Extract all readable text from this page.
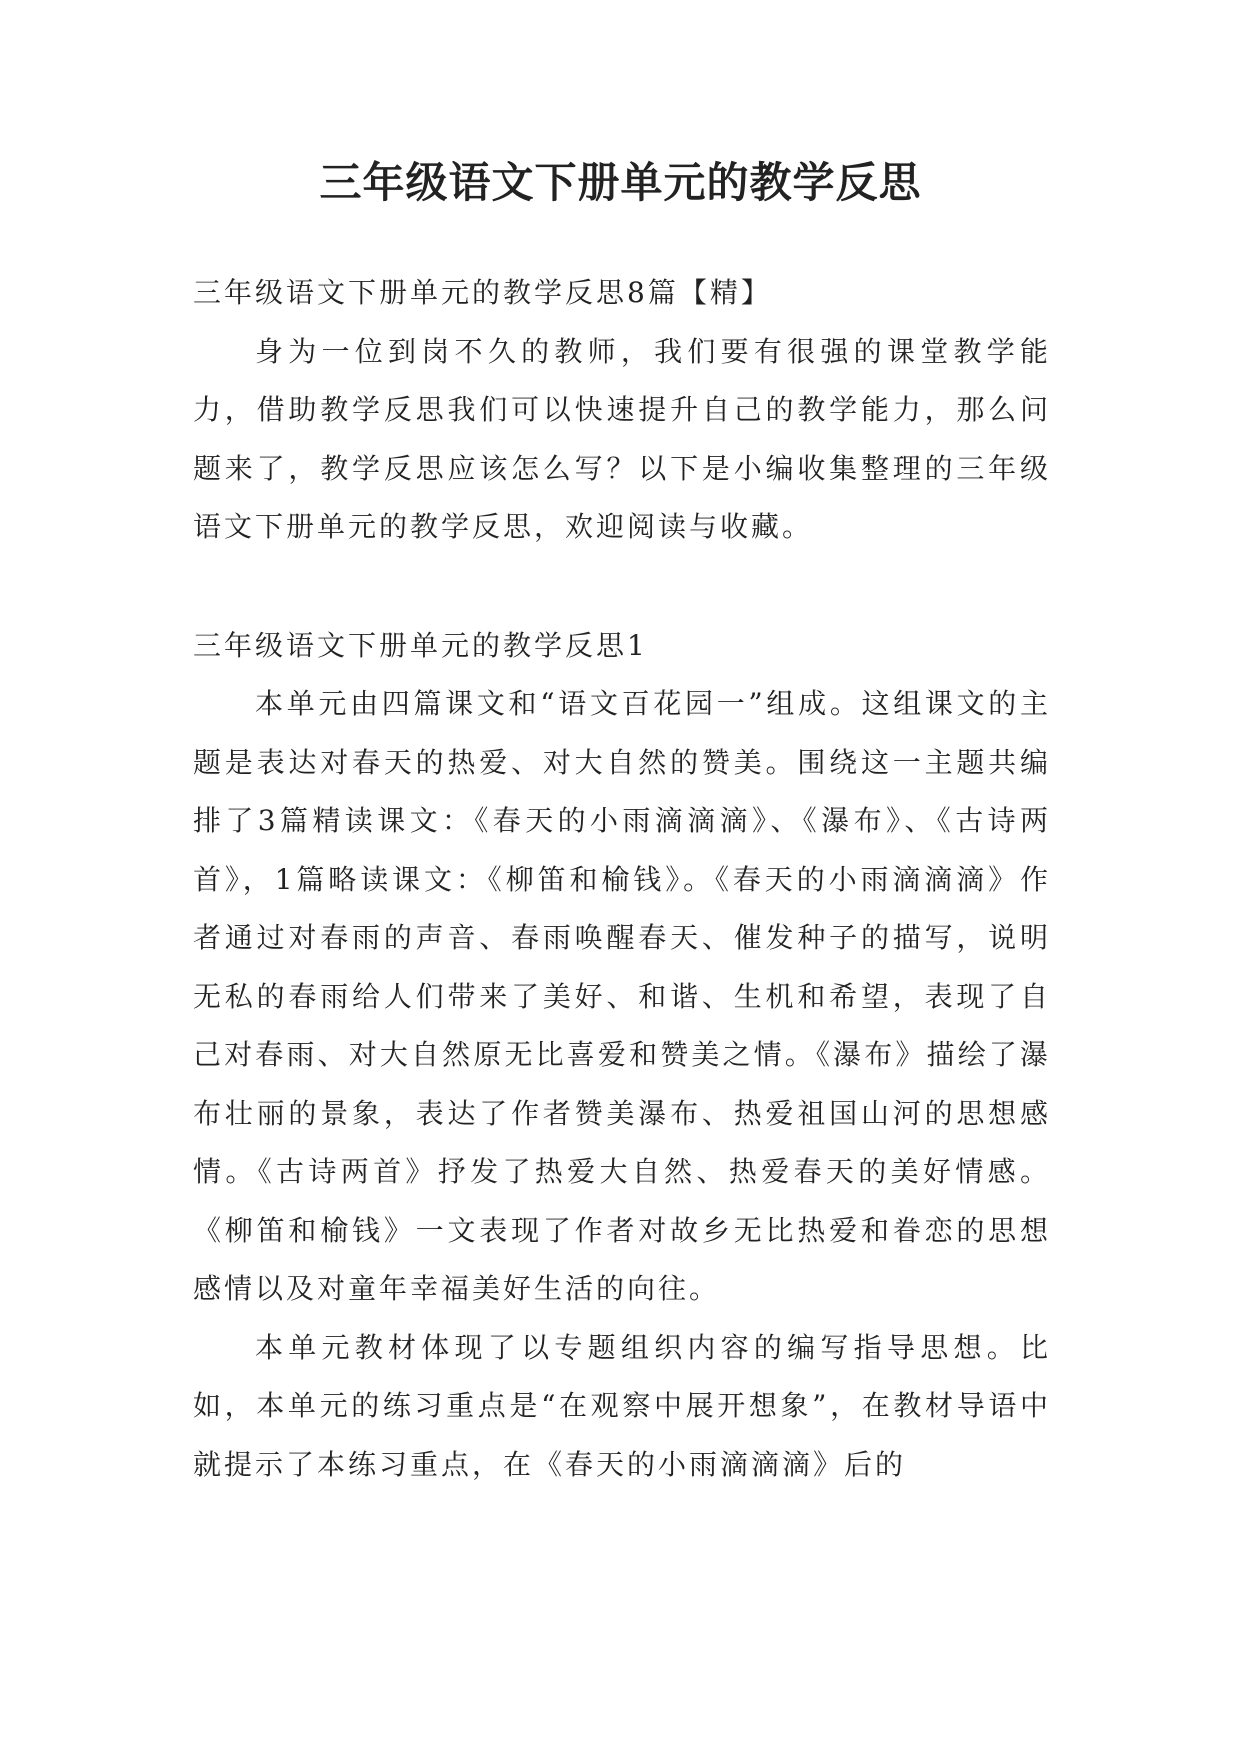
三年级语文下册单元的教学反思

三年级语文下册单元的教学反思8篇【精】

身为一位到岗不久的教师，我们要有很强的课堂教学能力，借助教学反思我们可以快速提升自己的教学能力，那么问题来了，教学反思应该怎么写？以下是小编收集整理的三年级语文下册单元的教学反思，欢迎阅读与收藏。

三年级语文下册单元的教学反思1

本单元由四篇课文和“语文百花园一”组成。这组课文的主题是表达对春天的热爱、对大自然的赞美。围绕这一主题共编排了3篇精读课文：《春天的小雨滴滴滴》、《瀑布》、《古诗两首》，1篇略读课文：《柳笛和榆钱》。《春天的小雨滴滴滴》作者通过对春雨的声音、春雨唤醒春天、催发种子的描写，说明无私的春雨给人们带来了美好、和谐、生机和希望，表现了自己对春雨、对大自然原无比喜爱和赞美之情。《瀑布》描绘了瀑布壮丽的景象，表达了作者赞美瀑布、热爱祖国山河的思想感情。《古诗两首》抒发了热爱大自然、热爱春天的美好情感。《柳笛和榆钱》一文表现了作者对故乡无比热爱和眷恋的思想感情以及对童年幸福美好生活的向往。

本单元教材体现了以专题组织内容的编写指导思想。比如，本单元的练习重点是“在观察中展开想象”，在教材导语中就提示了本练习重点，在《春天的小雨滴滴滴》后的
